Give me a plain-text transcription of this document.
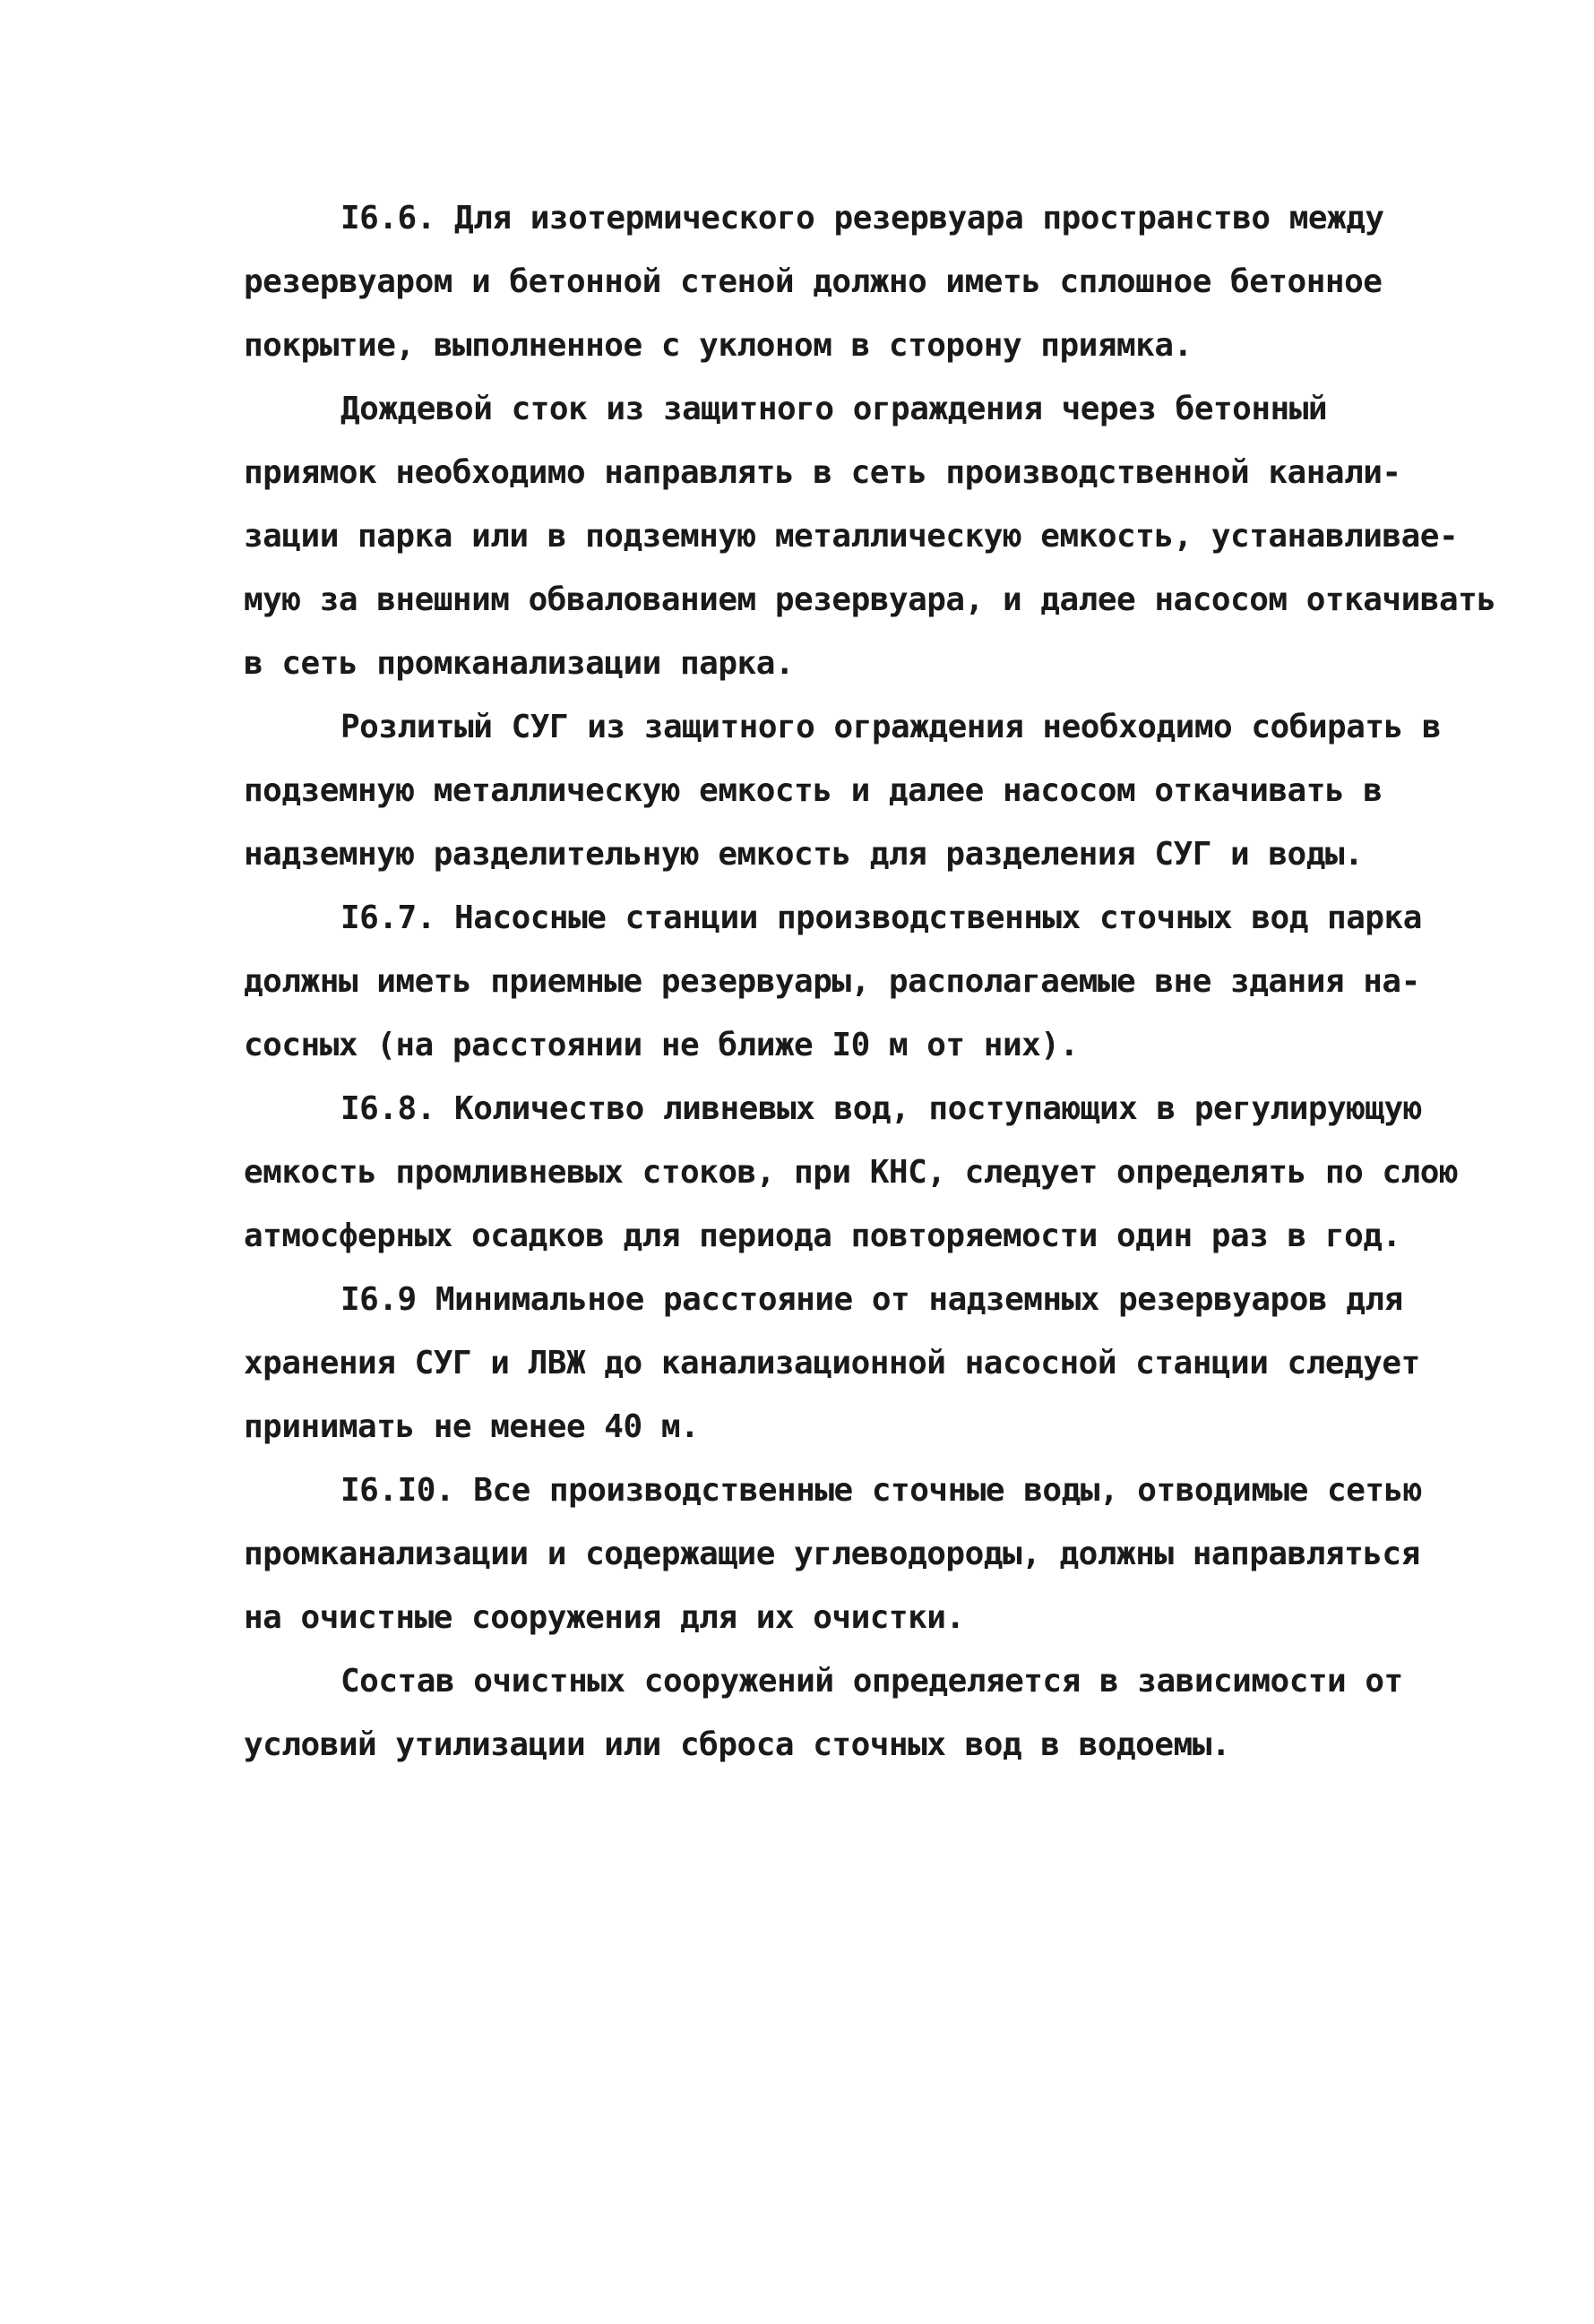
I6.6. Для изотермического резервуара пространство между
резервуаром и бетонной стеной должно иметь сплошное бетонное
покрытие, выполненное с уклоном в сторону приямка.
Дождевой сток из защитного ограждения через бетонный
приямок необходимо направлять в сеть производственной канали-
зации парка или в подземную металлическую емкость, устанавливае-
мую за внешним обвалованием резервуара, и далее насосом откачивать
в сеть промканализации парка.
Розлитый СУГ из защитного ограждения необходимо собирать в
подземную металлическую емкость и далее насосом откачивать в
надземную разделительную емкость для разделения СУГ и воды.
I6.7. Насосные станции производственных сточных вод парка
должны иметь приемные резервуары, располагаемые вне здания на-
сосных (на расстоянии не ближе I0 м от них).
I6.8. Количество ливневых вод, поступающих в регулирующую
емкость промливневых стоков, при КНС, следует определять по слою
атмосферных осадков для периода повторяемости один раз в год.
I6.9 Минимальное расстояние от надземных резервуаров для
хранения СУГ и ЛВЖ до канализационной насосной станции следует
принимать не менее 40 м.
I6.I0. Все производственные сточные воды, отводимые сетью
промканализации и содержащие углеводороды, должны направляться
на очистные сооружения для их очистки.
Состав очистных сооружений определяется в зависимости от
условий утилизации или сброса сточных вод в водоемы.
